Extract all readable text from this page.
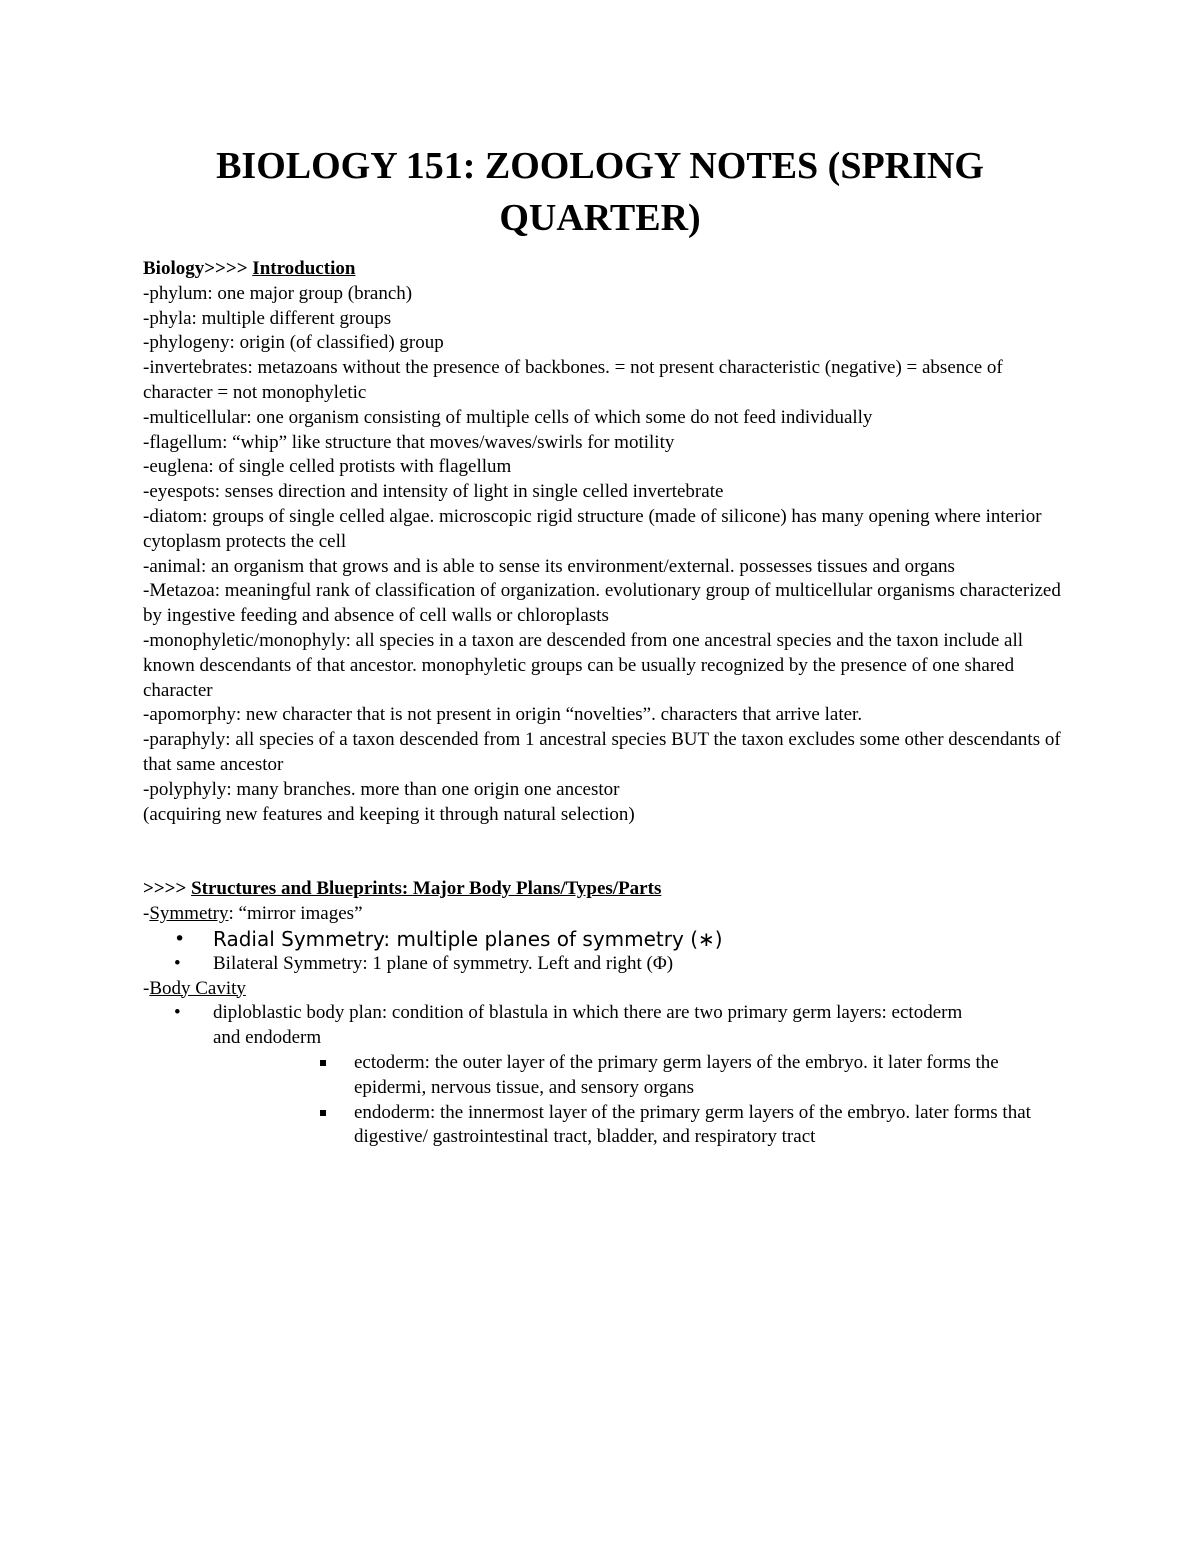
BIOLOGY 151: ZOOLOGY NOTES (SPRING QUARTER)
Biology>>>> Introduction
-phylum: one major group (branch)
-phyla: multiple different groups
-phylogeny: origin (of classified) group
-invertebrates: metazoans without the presence of backbones. = not present characteristic (negative) = absence of character = not monophyletic
-multicellular: one organism consisting of multiple cells of which some do not feed individually
-flagellum: “whip” like structure that moves/waves/swirls for motility
-euglena: of single celled protists with flagellum
-eyespots: senses direction and intensity of light in single celled invertebrate
-diatom: groups of single celled algae. microscopic rigid structure (made of silicone) has many opening where interior cytoplasm protects the cell
-animal: an organism that grows and is able to sense its environment/external. possesses tissues and organs
-Metazoa: meaningful rank of classification of organization. evolutionary group of multicellular organisms characterized by ingestive feeding and absence of cell walls or chloroplasts
-monophyletic/monophyly: all species in a taxon are descended from one ancestral species and the taxon include all known descendants of that ancestor. monophyletic groups can be usually recognized by the presence of one shared character
-apomorphy: new character that is not present in origin “novelties”. characters that arrive later.
-paraphyly: all species of a taxon descended from 1 ancestral species BUT the taxon excludes some other descendants of that same ancestor
-polyphyly: many branches. more than one origin one ancestor
(acquiring new features and keeping it through natural selection)
>>>> Structures and Blueprints: Major Body Plans/Types/Parts
-Symmetry: “mirror images”
• Radial Symmetry: multiple planes of symmetry (∗)
• Bilateral Symmetry: 1 plane of symmetry. Left and right (Φ)
-Body Cavity
• diploblastic body plan: condition of blastula in which there are two primary germ layers: ectoderm and endoderm
ectoderm: the outer layer of the primary germ layers of the embryo. it later forms the epidermi, nervous tissue, and sensory organs
endoderm: the innermost layer of the primary germ layers of the embryo. later forms that digestive/ gastrointestinal tract, bladder, and respiratory tract
